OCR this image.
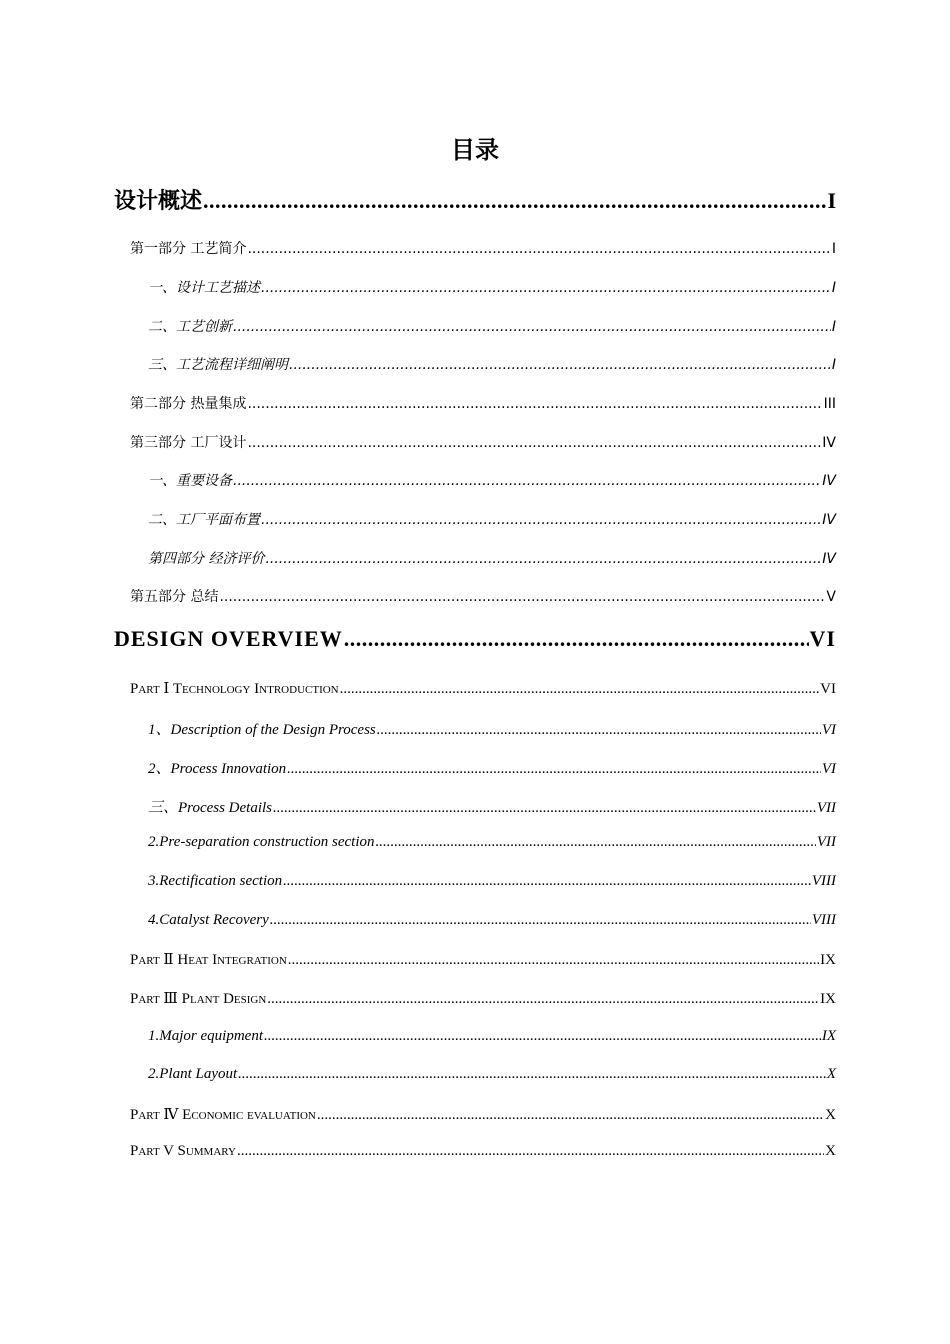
目录
设计概述 .....	I
第一部分 工艺简介 .....	I
一、设计工艺描述 .....	I
二、工艺创新 .....	I
三、工艺流程详细阐明 .....	I
第二部分 热量集成 .....	III
第三部分 工厂设计 .....	IV
一、重要设备 .....	IV
二、工厂平面布置 .....	IV
第四部分 经济评价 .....	IV
第五部分 总结 .....	V
DESIGN OVERVIEW .....	VI
Part Ⅰ Technology Introduction .....	VI
1、Description of the Design Process .....	VI
2、Process Innovation .....	VI
三、Process Details .....	VII
2.Pre-separation construction section .....	VII
3.Rectification section .....	VIII
4.Catalyst Recovery .....	VIII
Part Ⅱ Heat Integration .....	IX
Part Ⅲ Plant Design .....	IX
1.Major equipment .....	IX
2.Plant Layout .....	X
Part Ⅳ Economic evaluation .....	X
Part V Summary .....	X
